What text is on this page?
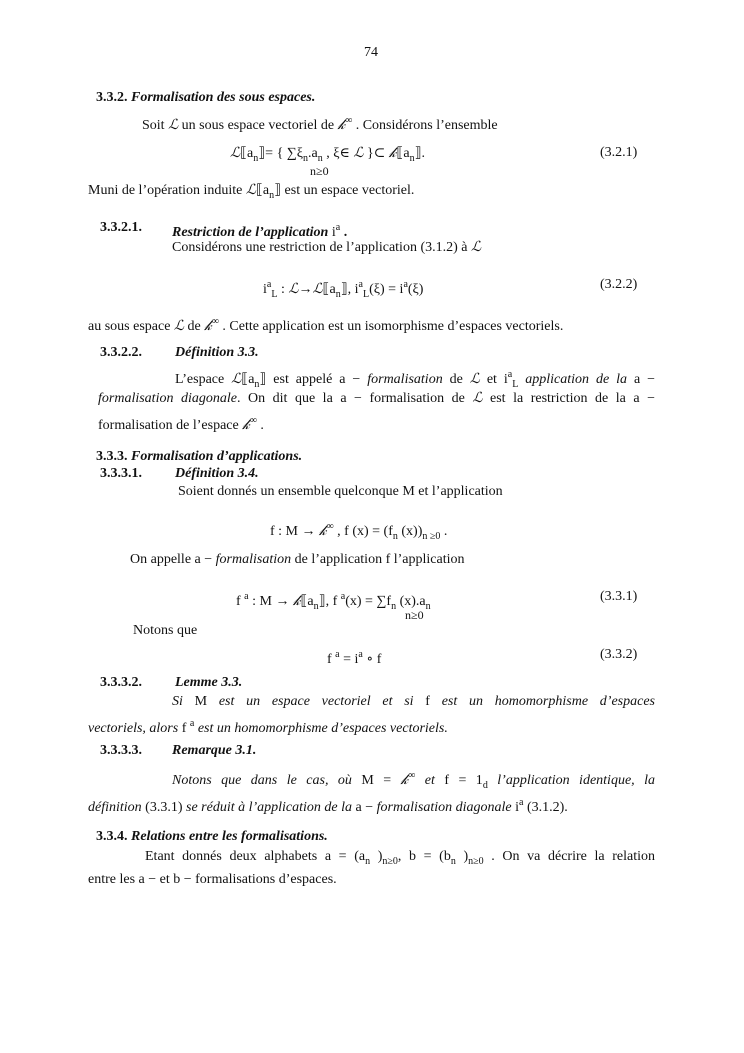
74
3.3.2. Formalisation des sous espaces.
Soit ℒ un sous espace vectoriel de 𝓀∞ . Considérons l’ensemble
$ℒ⟦a_n⟧=$ { $\sum\xi_n.a_n$ , ξ∈ ℒ }⊂ $𝓀⟦a_n⟧$.
n≥0
(3.2.1)
Muni de l’opération induite $ℒ⟦a_n⟧$ est un espace vectoriel.
3.3.2.1. Restriction de l’application $i^a$ .
Considérons une restriction de l’application (3.1.2) à ℒ
$i^a_L$ : $ℒ\to ℒ⟦a_n⟧$, $i^a_L(\xi) = i^a(\xi)$	(3.2.2)
au sous espace ℒ de 𝓀∞ . Cette application est un isomorphisme d’espaces vectoriels.
3.3.2.2. Définition 3.3.
L’espace $ℒ⟦a_n⟧$ est appelé a − formalisation de ℒ et $i^a_L$ application de la a −
formalisation diagonale. On dit que la a − formalisation de ℒ est la restriction de la a −
formalisation de l’espace 𝓀∞ .
3.3.3. Formalisation d’applications.
3.3.3.1. Définition 3.4.
Soient donnés un ensemble quelconque M et l’application
f : M → 𝓀∞ , f $(x) = (f_n$ $(x))_{n \ge 0}$ .
On appelle a − formalisation de l’application f l’application
f $^a$ : $M \to 𝓀⟦a_n⟧$, f $^a(x) = \sum f_n$ $(x).a_n$
n≥0
(3.3.1)
Notons que
f $^a = i^a$ ∘ f	(3.3.2)
3.3.3.2. Lemme 3.3.
Si M est un espace vectoriel et si f est un homomorphisme d’espaces
vectoriels, alors f $^a$ est un homomorphisme d’espaces vectoriels.
3.3.3.3. Remarque 3.1.
Notons que dans le cas, où M = 𝓀∞ et $f = 1_d$ l’application identique, la
définition (3.3.1) se réduit à l’application de la a − formalisation diagonale $i^a$ (3.1.2).
3.3.4. Relations entre les formalisations.
Etant donnés deux alphabets $a = (a_n$ )$_{n\ge 0}$, $b = (b_n$ )$_{n\ge 0}$ . On va décrire la relation
entre les a − et b − formalisations d’espaces.
